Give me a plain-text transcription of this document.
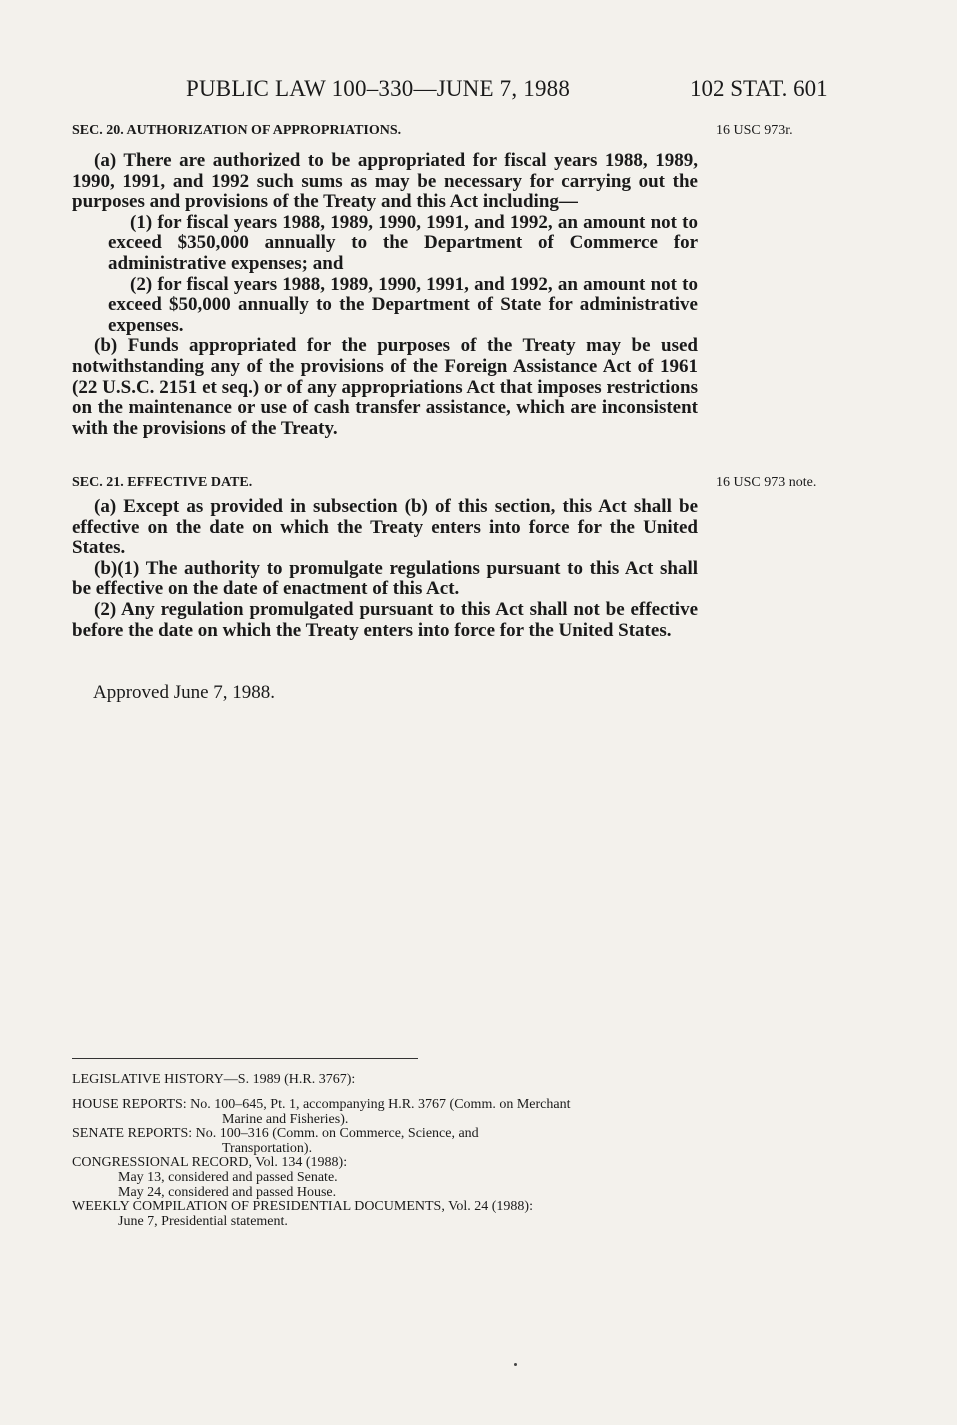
PUBLIC LAW 100–330—JUNE 7, 1988	102 STAT. 601
SEC. 20. AUTHORIZATION OF APPROPRIATIONS.	16 USC 973r.

(a) There are authorized to be appropriated for fiscal years 1988, 1989, 1990, 1991, and 1992 such sums as may be necessary for carrying out the purposes and provisions of the Treaty and this Act including—

(1) for fiscal years 1988, 1989, 1990, 1991, and 1992, an amount not to exceed $350,000 annually to the Department of Commerce for administrative expenses; and

(2) for fiscal years 1988, 1989, 1990, 1991, and 1992, an amount not to exceed $50,000 annually to the Department of State for administrative expenses.

(b) Funds appropriated for the purposes of the Treaty may be used notwithstanding any of the provisions of the Foreign Assistance Act of 1961 (22 U.S.C. 2151 et seq.) or of any appropriations Act that imposes restrictions on the maintenance or use of cash transfer assistance, which are inconsistent with the provisions of the Treaty.

SEC. 21. EFFECTIVE DATE.	16 USC 973 note.

(a) Except as provided in subsection (b) of this section, this Act shall be effective on the date on which the Treaty enters into force for the United States.

(b)(1) The authority to promulgate regulations pursuant to this Act shall be effective on the date of enactment of this Act.

(2) Any regulation promulgated pursuant to this Act shall not be effective before the date on which the Treaty enters into force for the United States.

Approved June 7, 1988.
LEGISLATIVE HISTORY—S. 1989 (H.R. 3767):
HOUSE REPORTS: No. 100–645, Pt. 1, accompanying H.R. 3767 (Comm. on Merchant
Marine and Fisheries).
SENATE REPORTS: No. 100–316 (Comm. on Commerce, Science, and
Transportation).
CONGRESSIONAL RECORD, Vol. 134 (1988):
May 13, considered and passed Senate.
May 24, considered and passed House.
WEEKLY COMPILATION OF PRESIDENTIAL DOCUMENTS, Vol. 24 (1988):
June 7, Presidential statement.
